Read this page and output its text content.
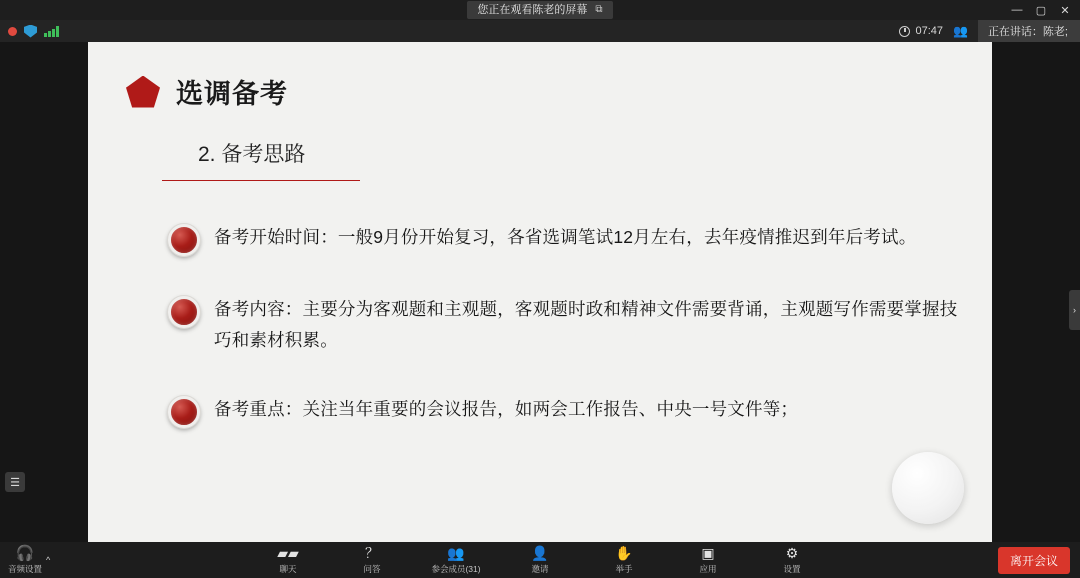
您正在观看陈老的屏幕 ⧉	—	▢	✕
07:47 👥	正在讲话：陈老;
☰
›
选调备考
2. 备考思路
备考开始时间：一般9月份开始复习，各省选调笔试12月左右，去年疫情推迟到年后考试。
备考内容：主要分为客观题和主观题，客观题时政和精神文件需要背诵，主观题写作需要掌握技巧和素材积累。
备考重点：关注当年重要的会议报告，如两会工作报告、中央一号文件等；
🎧
音频设置
^	▰▰
聊天
？
问答
👥
参会成员(31)
👤
邀请
✋
举手
▣
应用
⚙
设置
离开会议
